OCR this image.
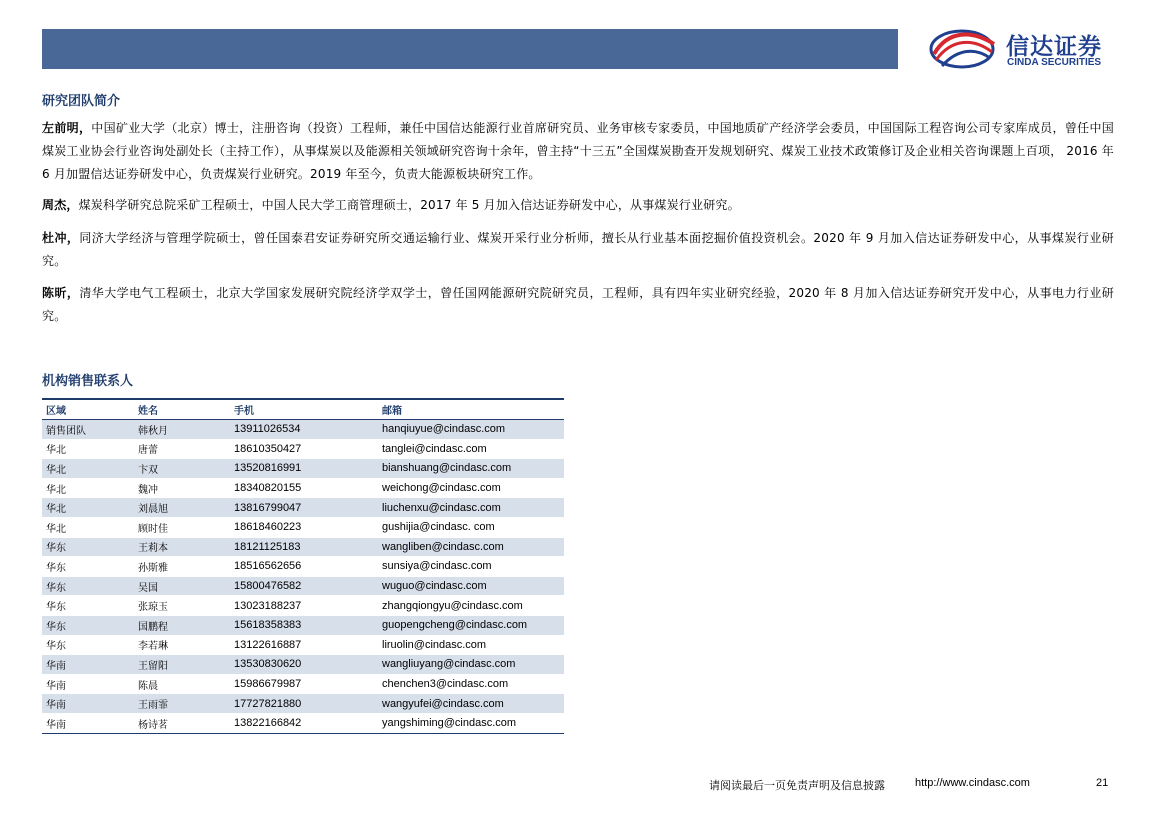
信达证券
CINDA SECURITIES
研究团队简介
左前明，中国矿业大学（北京）博士，注册咨询（投资）工程师，兼任中国信达能源行业首席研究员、业务审核专家委员，中国地质矿产经济学会委员，中国国际工程咨询公司专家库成员，曾任中国煤炭工业协会行业咨询处副处长（主持工作），从事煤炭以及能源相关领域研究咨询十余年，曾主持“十三五”全国煤炭勘查开发规划研究、煤炭工业技术政策修订及企业相关咨询课题上百项， 2016 年 6 月加盟信达证券研发中心，负责煤炭行业研究。2019 年至今，负责大能源板块研究工作。
周杰，煤炭科学研究总院采矿工程硕士，中国人民大学工商管理硕士，2017 年 5 月加入信达证券研发中心，从事煤炭行业研究。
杜冲，同济大学经济与管理学院硕士，曾任国泰君安证券研究所交通运输行业、煤炭开采行业分析师，擅长从行业基本面挖掘价值投资机会。2020 年 9 月加入信达证券研发中心，从事煤炭行业研究。
陈昕，清华大学电气工程硕士，北京大学国家发展研究院经济学双学士，曾任国网能源研究院研究员，工程师，具有四年实业研究经验，2020 年 8 月加入信达证券研究开发中心，从事电力行业研究。
机构销售联系人
区域	姓名	手机	邮箱
销售团队	韩秋月	13911026534	hanqiuyue@cindasc.com
华北	唐蕾	18610350427	tanglei@cindasc.com
华北	卞双	13520816991	bianshuang@cindasc.com
华北	魏冲	18340820155	weichong@cindasc.com
华北	刘晨旭	13816799047	liuchenxu@cindasc.com
华北	顾时佳	18618460223	gushijia@cindasc. com
华东	王莉本	18121125183	wangliben@cindasc.com
华东	孙斯雅	18516562656	sunsiya@cindasc.com
华东	吴国	15800476582	wuguo@cindasc.com
华东	张琼玉	13023188237	zhangqiongyu@cindasc.com
华东	国鹏程	15618358383	guopengcheng@cindasc.com
华东	李若琳	13122616887	liruolin@cindasc.com
华南	王留阳	13530830620	wangliuyang@cindasc.com
华南	陈晨	15986679987	chenchen3@cindasc.com
华南	王雨霏	17727821880	wangyufei@cindasc.com
华南	杨诗茗	13822166842	yangshiming@cindasc.com
请阅读最后一页免责声明及信息披露	http://www.cindasc.com	21
